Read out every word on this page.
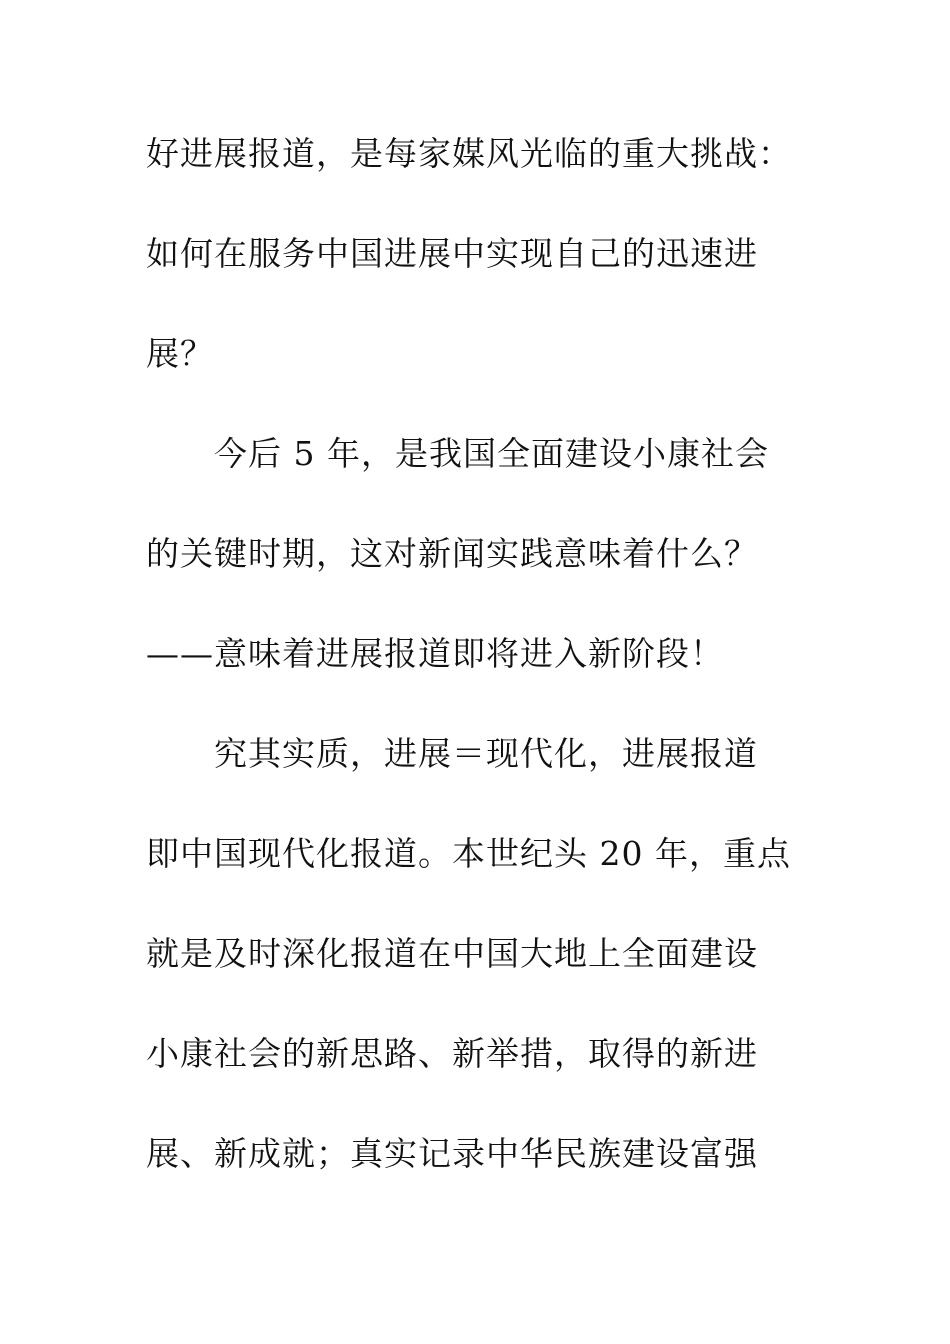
好进展报道，是每家媒风光临的重大挑战：
如何在服务中国进展中实现自己的迅速进
展？
今后 5 年，是我国全面建设小康社会
的关键时期，这对新闻实践意味着什么？
——意味着进展报道即将进入新阶段！
究其实质，进展＝现代化，进展报道
即中国现代化报道。本世纪头 20 年，重点
就是及时深化报道在中国大地上全面建设
小康社会的新思路、新举措，取得的新进
展、新成就；真实记录中华民族建设富强
